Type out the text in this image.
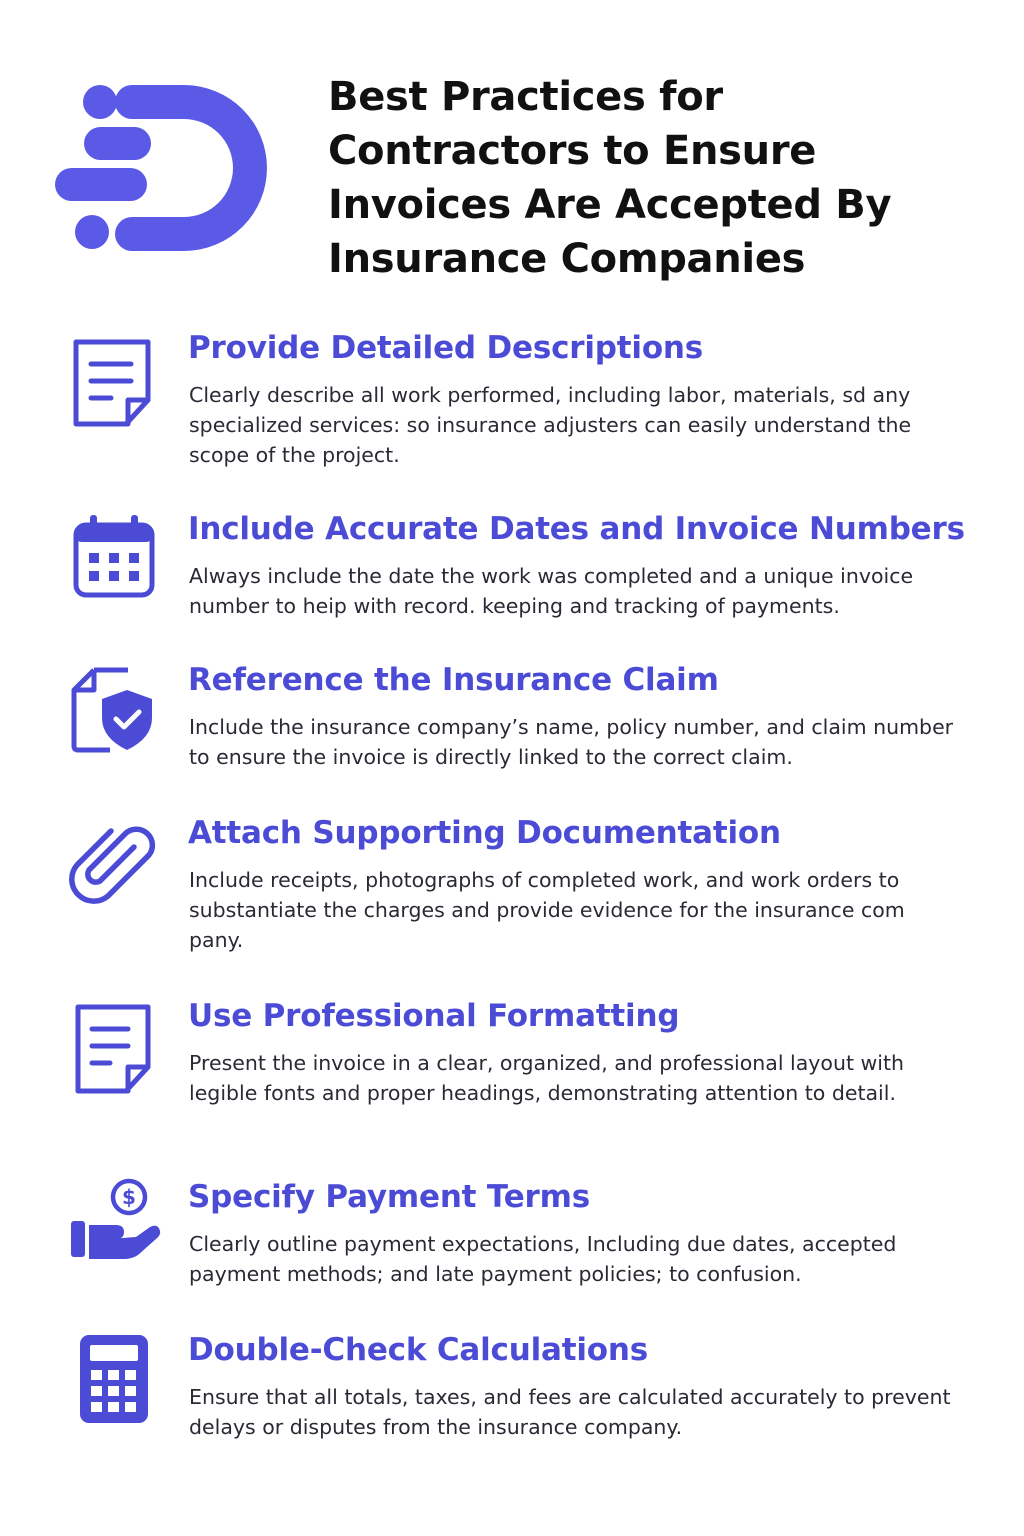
Best Practices for Contractors to Ensure Invoices Are Accepted By Insurance Companies
Provide Detailed Descriptions

Clearly describe all work performed, including labor, materials, sd any specialized services: so insurance adjusters can easily understand the scope of the project.

Include Accurate Dates and Invoice Numbers

Always include the date the work was completed and a unique invoice number to heip with record. keeping and tracking of payments.

Reference the Insurance Claim

Include the insurance company’s name, policy number, and claim number to ensure the invoice is directly linked to the correct claim.

Attach Supporting Documentation

Include receipts, photographs of completed work, and work orders to substantiate the charges and provide evidence for the insurance com pany.

Use Professional Formatting

Present the invoice in a clear, organized, and professional layout with legible fonts and proper headings, demonstrating attention to detail.

$ Specify Payment Terms

Clearly outline payment expectations, Including due dates, accepted payment methods; and late payment policies; to confusion.

Double-Check Calculations

Ensure that all totals, taxes, and fees are calculated accurately to prevent delays or disputes from the insurance company.
